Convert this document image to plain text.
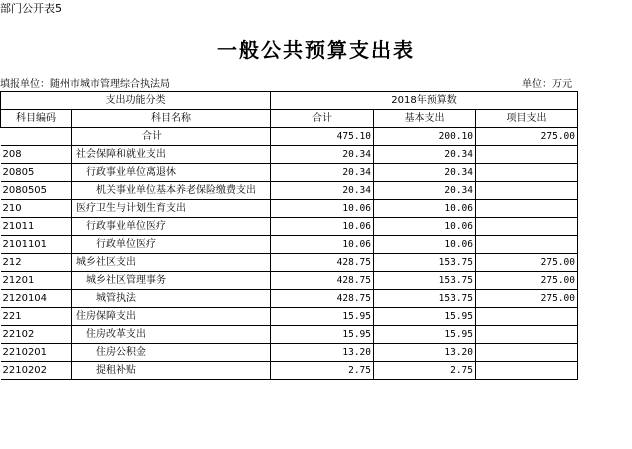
部门公开表5
一般公共预算支出表
填报单位：随州市城市管理综合执法局	单位：万元
支出功能分类		2018年预算数		
科目编码	科目名称	合计	基本支出	项目支出
	合计	475.10	200.10	275.00
208	社会保障和就业支出	20.34	20.34	
20805	行政事业单位离退休	20.34	20.34	
2080505	机关事业单位基本养老保险缴费支出	20.34	20.34	
210	医疗卫生与计划生育支出	10.06	10.06	
21011	行政事业单位医疗	10.06	10.06	
2101101	行政单位医疗	10.06	10.06	
212	城乡社区支出	428.75	153.75	275.00
21201	城乡社区管理事务	428.75	153.75	275.00
2120104	城管执法	428.75	153.75	275.00
221	住房保障支出	15.95	15.95	
22102	住房改革支出	15.95	15.95	
2210201	住房公积金	13.20	13.20	
2210202	提租补贴	2.75	2.75	
